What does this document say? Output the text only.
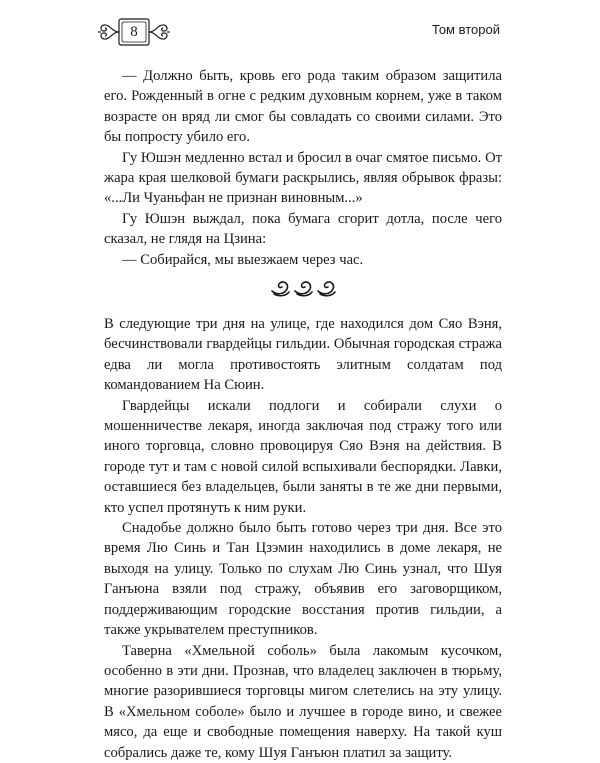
8	Том второй

— Должно быть, кровь его рода таким образом защитила его. Рожденный в огне с редким духовным корнем, уже в таком возрасте он вряд ли смог бы совладать со своими силами. Это бы попросту убило его.

Гу Юшэн медленно встал и бросил в очаг смятое письмо. От жара края шелковой бумаги раскрылись, являя обрывок фразы: «...Ли Чуаньфан не признан виновным...»

Гу Юшэн выждал, пока бумага сгорит дотла, после чего сказал, не глядя на Цзина:

— Собирайся, мы выезжаем через час.

В следующие три дня на улице, где находился дом Сяо Вэня, бесчинствовали гвардейцы гильдии. Обычная городская стража едва ли могла противостоять элитным солдатам под командованием На Сюин.

Гвардейцы искали подлоги и собирали слухи о мошенничестве лекаря, иногда заключая под стражу того или иного торговца, словно провоцируя Сяо Вэня на действия. В городе тут и там с новой силой вспыхивали беспорядки. Лавки, оставшиеся без владельцев, были заняты в те же дни первыми, кто успел протянуть к ним руки.

Снадобье должно было быть готово через три дня. Все это время Лю Синь и Тан Цзэмин находились в доме лекаря, не выходя на улицу. Только по слухам Лю Синь узнал, что Шуя Ганъюна взяли под стражу, объявив его заговорщиком, поддерживающим городские восстания против гильдии, а также укрывателем преступников.

Таверна «Хмельной соболь» была лакомым кусочком, особенно в эти дни. Прознав, что владелец заключен в тюрьму, многие разорившиеся торговцы мигом слетелись на эту улицу. В «Хмельном соболе» было и лучшее в городе вино, и свежее мясо, да еще и свободные помещения наверху. На такой куш собрались даже те, кому Шуя Ганъюн платил за защиту.
